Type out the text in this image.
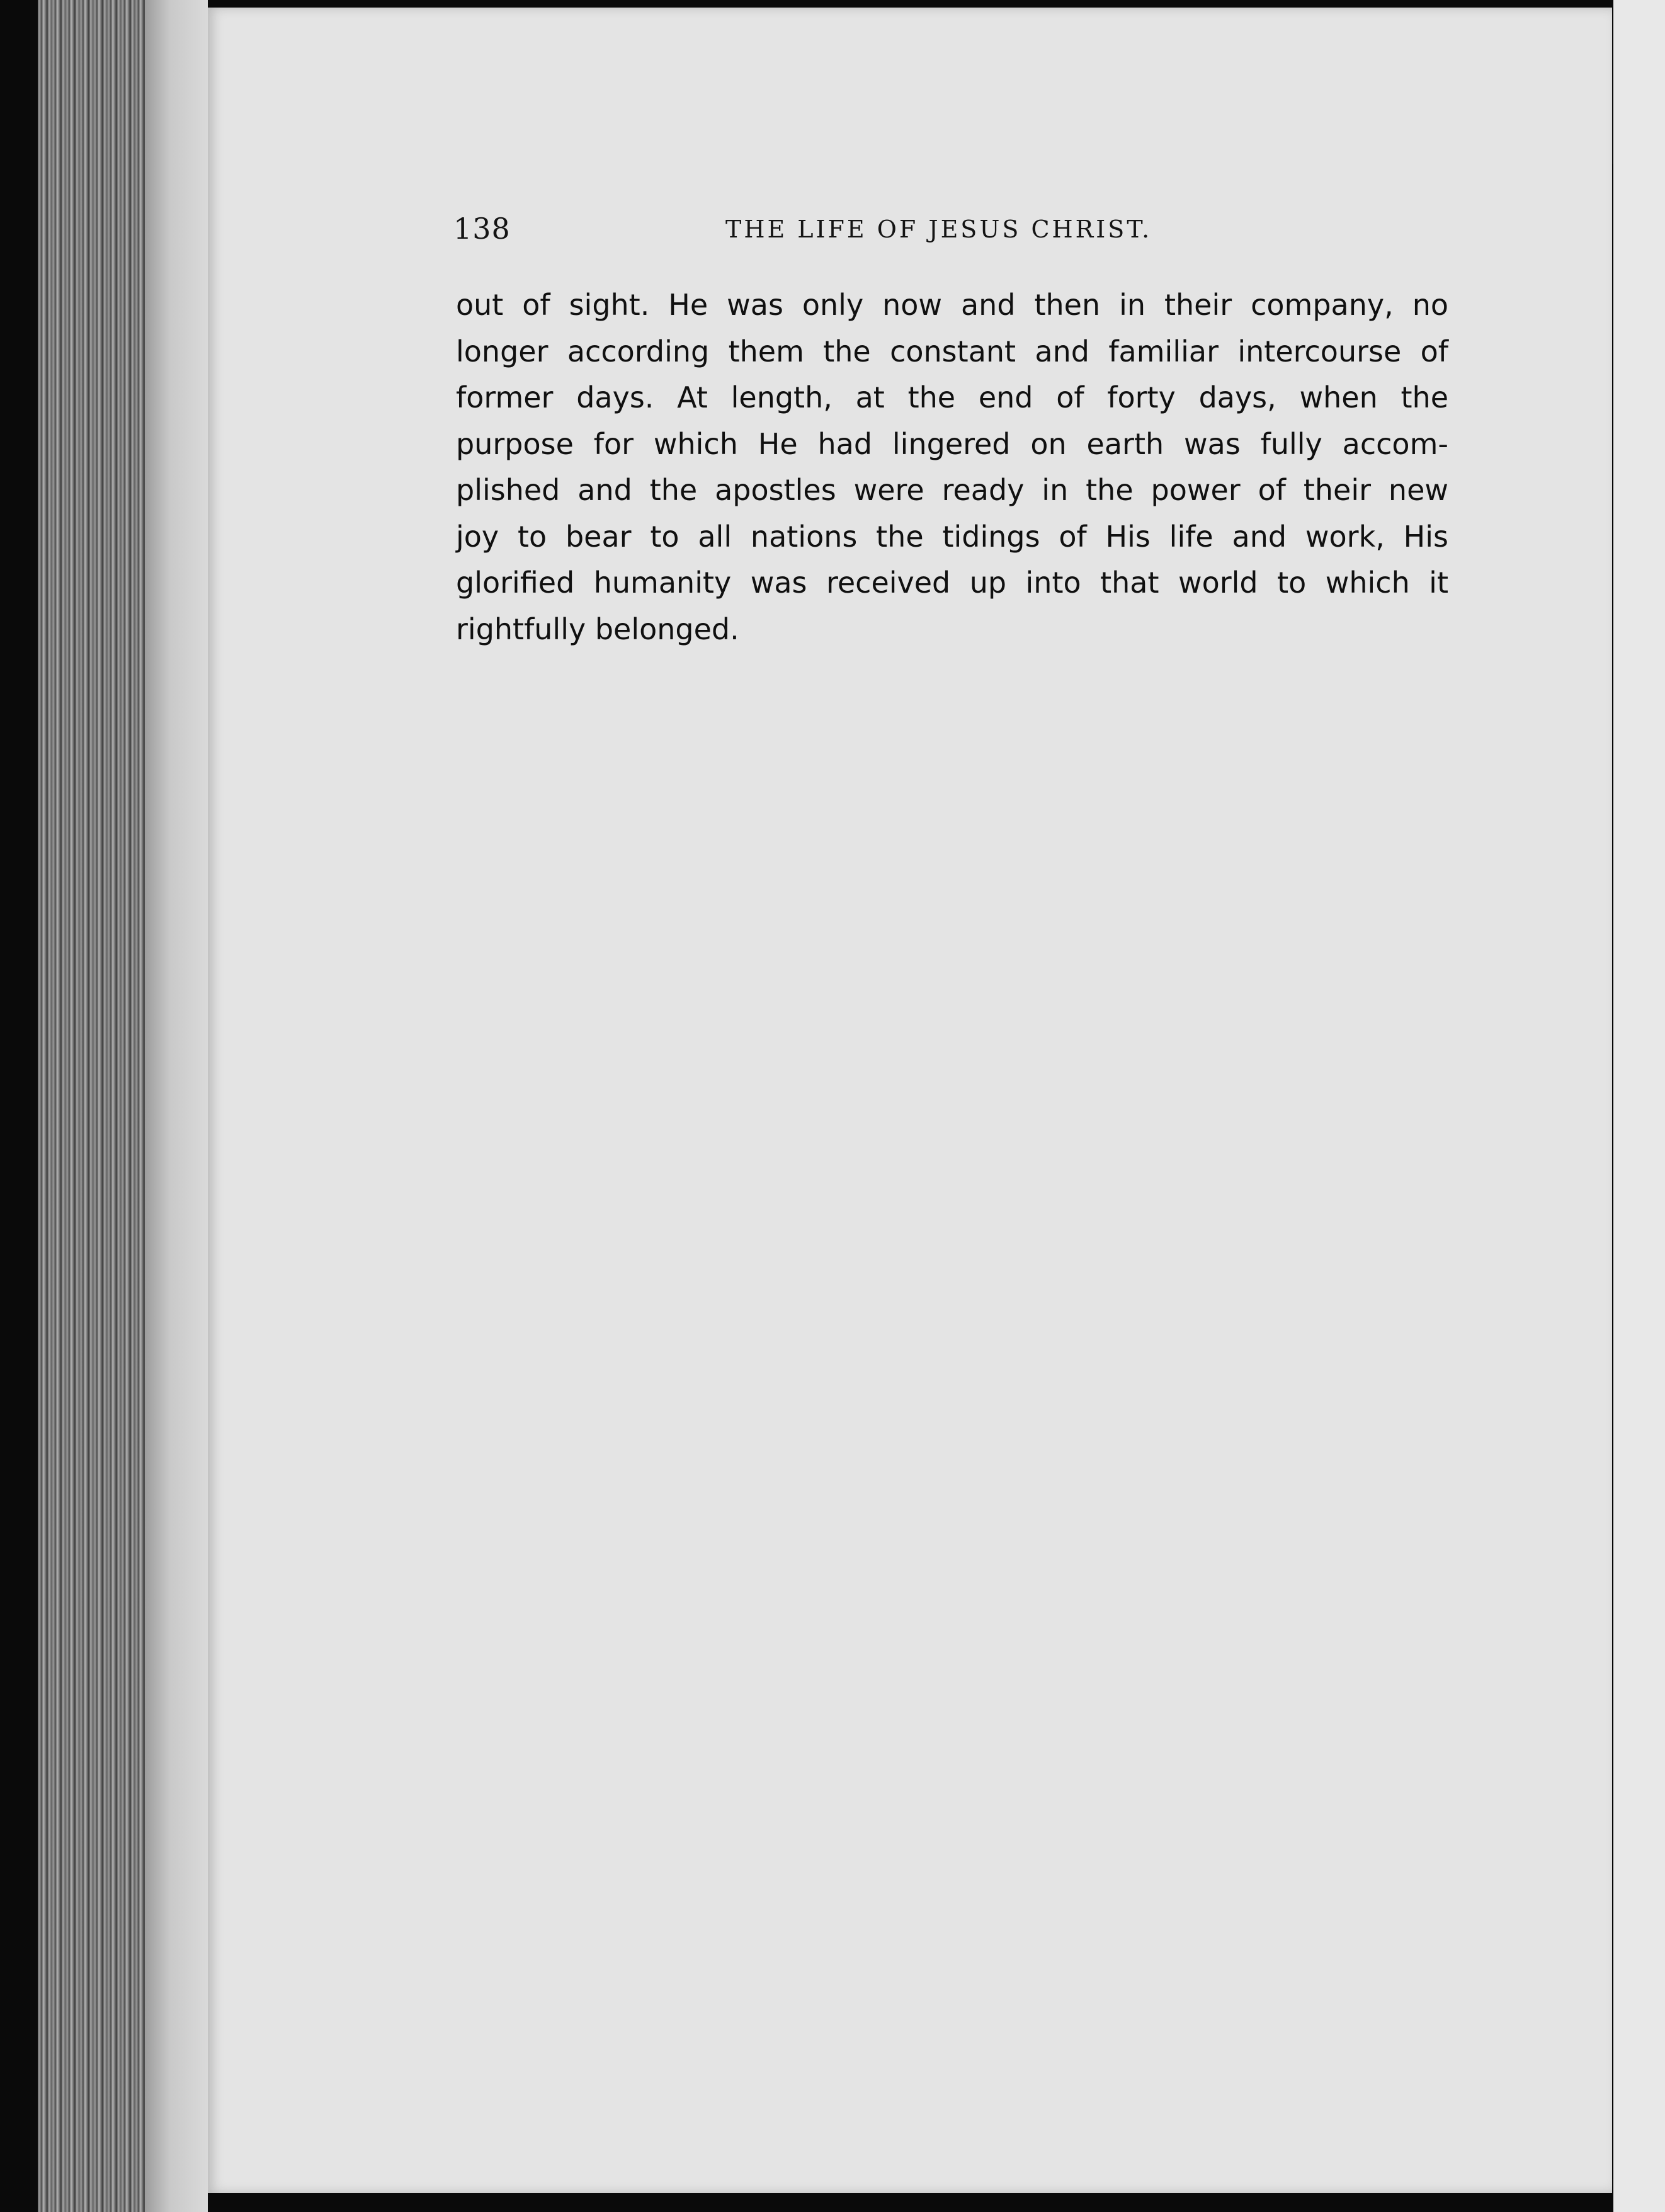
138	THE LIFE OF JESUS CHRIST.
out of sight. He was only now and then in their company, no
longer according them the constant and familiar intercourse of
former days. At length, at the end of forty days, when the
purpose for which He had lingered on earth was fully accom-
plished and the apostles were ready in the power of their new
joy to bear to all nations the tidings of His life and work, His
glorified humanity was received up into that world to which it
rightfully belonged.
